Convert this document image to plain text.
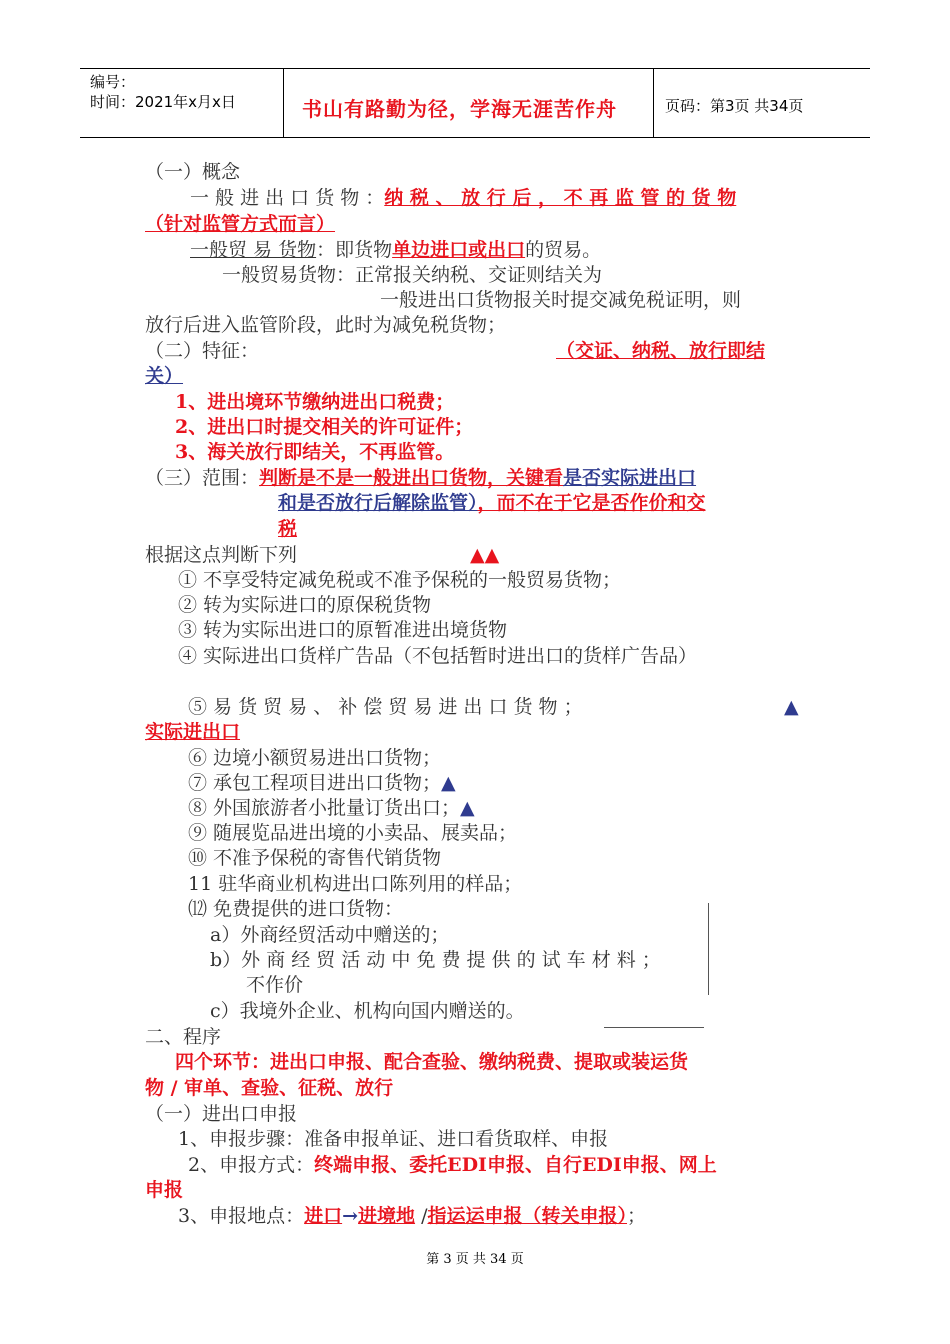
编号：
时间：2021年x月x日	书山有路勤为径，学海无涯苦作舟	页码：第3页 共34页
（一）概念
一 般 进 出 口 货 物 ：纳 税 、 放 行 后 ， 不 再 监 管 的 货 物
（针对监管方式而言）
一般贸 易 货物：即货物单边进口或出口的贸易。
一般贸易货物：正常报关纳税、交证则结关为
一般进出口货物报关时提交减免税证明，则
放行后进入监管阶段，此时为减免税货物；
（二）特征：	（交证、纳税、放行即结
关）
1、进出境环节缴纳进出口税费；
2、进出口时提交相关的许可证件；
3、海关放行即结关，不再监管。
（三）范围：判断是不是一般进出口货物，关键看是否实际进出口
和是否放行后解除监管），而不在于它是否作价和交
税
根据这点判断下列	▲▲
① 不享受特定减免税或不准予保税的一般贸易货物；
② 转为实际进口的原保税货物
③ 转为实际出进口的原暂准进出境货物
④ 实际进出口货样广告品（不包括暂时进出口的货样广告品）
⑤ 易 货 贸 易 、 补 偿 贸 易 进 出 口 货 物 ；	▲
实际进出口
⑥ 边境小额贸易进出口货物；
⑦ 承包工程项目进出口货物；▲
⑧ 外国旅游者小批量订货出口；▲
⑨ 随展览品进出境的小卖品、展卖品；
⑩ 不准予保税的寄售代销货物
11 驻华商业机构进出口陈列用的样品；
⑿ 免费提供的进口货物：
a）外商经贸活动中赠送的；
b）外 商 经 贸 活 动 中 免 费 提 供 的 试 车 材 料 ；
不作价
c）我境外企业、机构向国内赠送的。
二、程序
四个环节：进出口申报、配合查验、缴纳税费、提取或装运货
物 / 审单、查验、征税、放行
（一）进出口申报
1、申报步骤：准备申报单证、进口看货取样、申报
2、申报方式：终端申报、委托EDI申报、自行EDI申报、网上
申报
3、申报地点：进口→进境地 /指运运申报（转关申报）；
第 3 页 共 34 页
